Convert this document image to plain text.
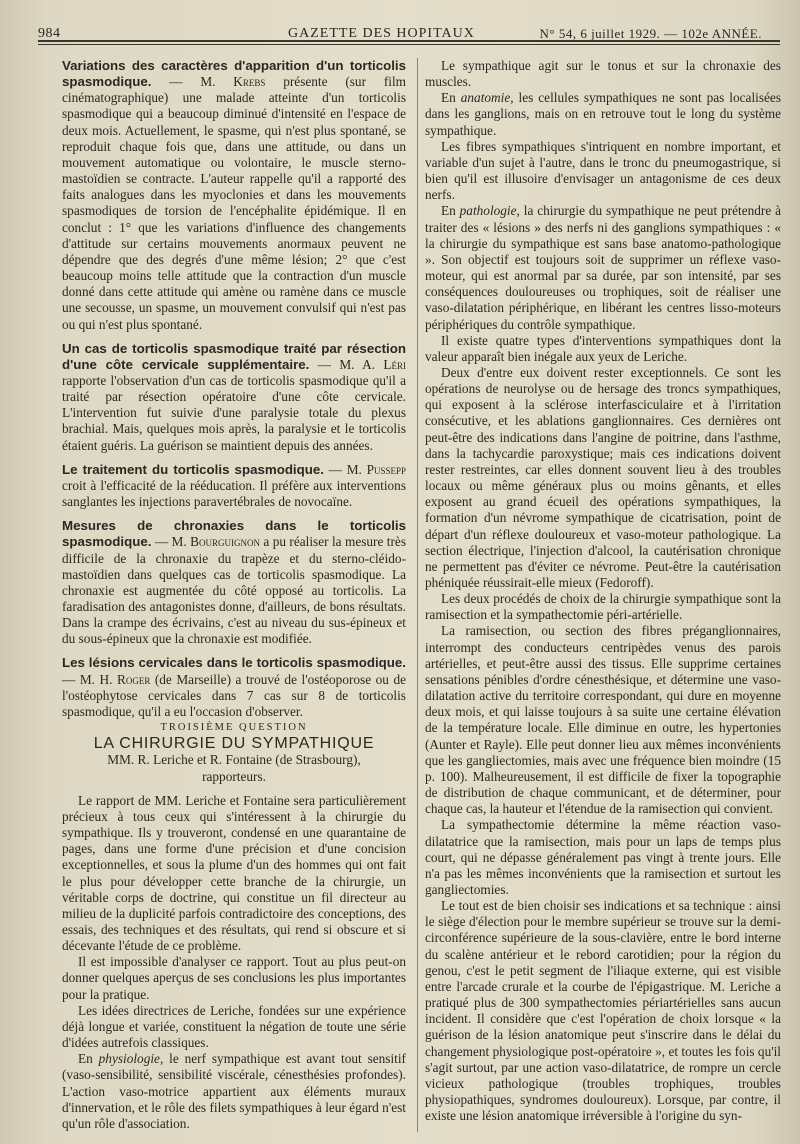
984	GAZETTE DES HOPITAUX	N° 54, 6 juillet 1929. — 102e ANNÉE.

Variations des caractères d'apparition d'un torticolis spasmodique. — M. Krebs présente (sur film cinématographique) une malade atteinte d'un torticolis spasmodique qui a beaucoup diminué d'intensité en l'espace de deux mois. Actuellement, le spasme, qui n'est plus spontané, se reproduit chaque fois que, dans une attitude, ou dans un mouvement automatique ou volontaire, le muscle sterno-mastoïdien se contracte. L'auteur rappelle qu'il a rapporté des faits analogues dans les myoclonies et dans les mouvements spasmodiques de torsion de l'encéphalite épidémique. Il en conclut : 1° que les variations d'influence des changements d'attitude sur certains mouvements anormaux peuvent ne dépendre que des degrés d'une même lésion; 2° que c'est beaucoup moins telle attitude que la contraction d'un muscle donné dans cette attitude qui amène ou ramène dans ce muscle une secousse, un spasme, un mouvement convulsif qui n'est pas ou qui n'est plus spontané.

Un cas de torticolis spasmodique traité par résection d'une côte cervicale supplémentaire. — M. A. Léri rapporte l'observation d'un cas de torticolis spasmodique qu'il a traité par résection opératoire d'une côte cervicale. L'intervention fut suivie d'une paralysie totale du plexus brachial. Mais, quelques mois après, la paralysie et le torticolis étaient guéris. La guérison se maintient depuis des années.

Le traitement du torticolis spasmodique. — M. Pussepp croit à l'efficacité de la rééducation. Il préfère aux interventions sanglantes les injections paravertébrales de novocaïne.

Mesures de chronaxies dans le torticolis spasmodique. — M. Bourguignon a pu réaliser la mesure très difficile de la chronaxie du trapèze et du sterno-cléido-mastoïdien dans quelques cas de torticolis spasmodique. La chronaxie est augmentée du côté opposé au torticolis. La faradisation des antagonistes donne, d'ailleurs, de bons résultats. Dans la crampe des écrivains, c'est au niveau du sus-épineux et du sous-épineux que la chronaxie est modifiée.

Les lésions cervicales dans le torticolis spasmodique. — M. H. Roger (de Marseille) a trouvé de l'ostéoporose ou de l'ostéophytose cervicales dans 7 cas sur 8 de torticolis spasmodique, qu'il a eu l'occasion d'observer.

TROISIÈME QUESTION

LA CHIRURGIE DU SYMPATHIQUE

MM. R. Leriche et R. Fontaine (de Strasbourg),

rapporteurs.

Le rapport de MM. Leriche et Fontaine sera particulièrement précieux à tous ceux qui s'intéressent à la chirurgie du sympathique. Ils y trouveront, condensé en une quarantaine de pages, dans une forme d'une précision et d'une concision exceptionnelles, et sous la plume d'un des hommes qui ont fait le plus pour développer cette branche de la chirurgie, un véritable corps de doctrine, qui constitue un fil directeur au milieu de la duplicité parfois contradictoire des conceptions, des essais, des techniques et des résultats, qui rend si obscure et si décevante l'étude de ce problème.

Il est impossible d'analyser ce rapport. Tout au plus peut-on donner quelques aperçus de ses conclusions les plus importantes pour la pratique.

Les idées directrices de Leriche, fondées sur une expérience déjà longue et variée, constituent la négation de toute une série d'idées autrefois classiques.

En physiologie, le nerf sympathique est avant tout sensitif (vaso-sensibilité, sensibilité viscérale, cénesthésies profondes). L'action vaso-motrice appartient aux éléments muraux d'innervation, et le rôle des filets sympathiques à leur égard n'est qu'un rôle d'association.

Le sympathique agit sur le tonus et sur la chronaxie des muscles.

En anatomie, les cellules sympathiques ne sont pas localisées dans les ganglions, mais on en retrouve tout le long du système sympathique.

Les fibres sympathiques s'intriquent en nombre important, et variable d'un sujet à l'autre, dans le tronc du pneumogastrique, si bien qu'il est illusoire d'envisager un antagonisme de ces deux nerfs.

En pathologie, la chirurgie du sympathique ne peut prétendre à traiter des « lésions » des nerfs ni des ganglions sympathiques : « la chirurgie du sympathique est sans base anatomo-pathologique ». Son objectif est toujours soit de supprimer un réflexe vaso-moteur, qui est anormal par sa durée, par son intensité, par ses conséquences douloureuses ou trophiques, soit de réaliser une vaso-dilatation périphérique, en libérant les centres lisso-moteurs périphériques du contrôle sympathique.

Il existe quatre types d'interventions sympathiques dont la valeur apparaît bien inégale aux yeux de Leriche.

Deux d'entre eux doivent rester exceptionnels. Ce sont les opérations de neurolyse ou de hersage des troncs sympathiques, qui exposent à la sclérose interfasciculaire et à l'irritation consécutive, et les ablations ganglionnaires. Ces dernières ont peut-être des indications dans l'angine de poitrine, dans l'asthme, dans la tachycardie paroxystique; mais ces indications doivent rester restreintes, car elles donnent souvent lieu à des troubles locaux ou même généraux plus ou moins gênants, et elles exposent au grand écueil des opérations sympathiques, la formation d'un névrome sympathique de cicatrisation, point de départ d'un réflexe douloureux et vaso-moteur pathologique. La section électrique, l'injection d'alcool, la cautérisation chronique ne permettent pas d'éviter ce névrome. Peut-être la cautérisation phéniquée réussirait-elle mieux (Fedoroff).

Les deux procédés de choix de la chirurgie sympathique sont la ramisection et la sympathectomie péri-artérielle.

La ramisection, ou section des fibres préganglionnaires, interrompt des conducteurs centripèdes venus des parois artérielles, et peut-être aussi des tissus. Elle supprime certaines sensations pénibles d'ordre cénesthésique, et détermine une vaso-dilatation active du territoire correspondant, qui dure en moyenne deux mois, et qui laisse toujours à sa suite une certaine élévation de la température locale. Elle diminue en outre, les hypertonies (Aunter et Rayle). Elle peut donner lieu aux mêmes inconvénients que les gangliectomies, mais avec une fréquence bien moindre (15 p. 100). Malheureusement, il est difficile de fixer la topographie de distribution de chaque communicant, et de déterminer, pour chaque cas, la hauteur et l'étendue de la ramisection qui convient.

La sympathectomie détermine la même réaction vaso-dilatatrice que la ramisection, mais pour un laps de temps plus court, qui ne dépasse généralement pas vingt à trente jours. Elle n'a pas les mêmes inconvénients que la ramisection et surtout les gangliectomies.

Le tout est de bien choisir ses indications et sa technique : ainsi le siège d'élection pour le membre supérieur se trouve sur la demi-circonférence supérieure de la sous-clavière, entre le bord interne du scalène antérieur et le rebord carotidien; pour la région du genou, c'est le petit segment de l'iliaque externe, qui est visible entre l'arcade crurale et la courbe de l'épigastrique. M. Leriche a pratiqué plus de 300 sympathectomies périartérielles sans aucun incident. Il considère que c'est l'opération de choix lorsque « la guérison de la lésion anatomique peut s'inscrire dans le délai du changement physiologique post-opératoire », et toutes les fois qu'il s'agit surtout, par une action vaso-dilatatrice, de rompre un cercle vicieux pathologique (troubles trophiques, troubles physiopathiques, syndromes douloureux). Lorsque, par contre, il existe une lésion anatomique irréversible à l'origine du syn-
